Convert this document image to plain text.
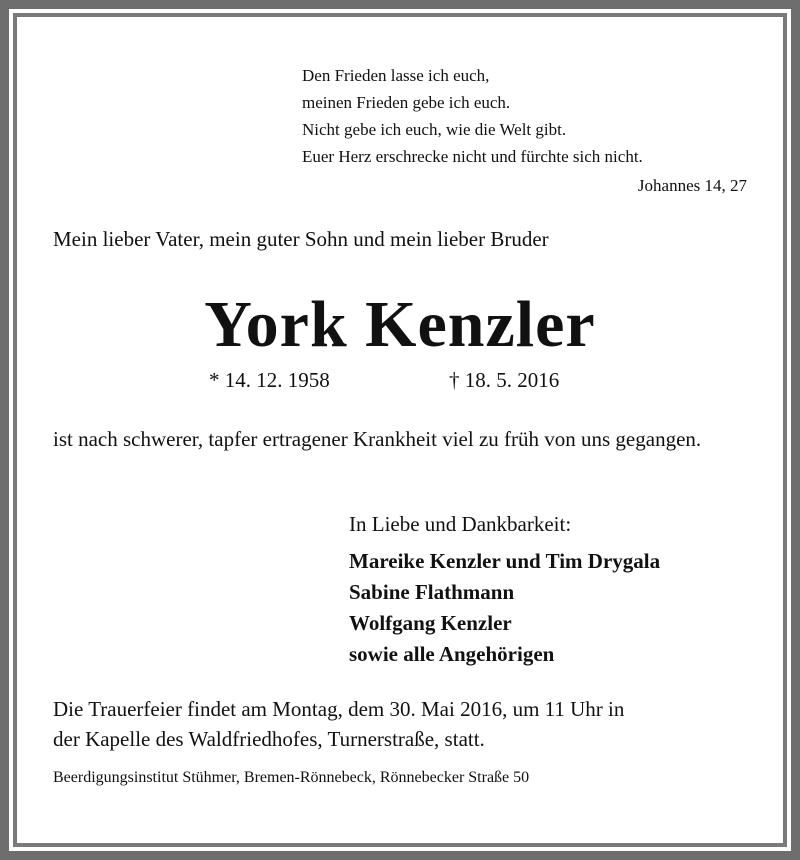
Den Frieden lasse ich euch,
meinen Frieden gebe ich euch.
Nicht gebe ich euch, wie die Welt gibt.
Euer Herz erschrecke nicht und fürchte sich nicht.
Johannes 14, 27
Mein lieber Vater, mein guter Sohn und mein lieber Bruder
York Kenzler
* 14. 12. 1958	† 18. 5. 2016
ist nach schwerer, tapfer ertragener Krankheit viel zu früh von uns gegangen.
In Liebe und Dankbarkeit:
Mareike Kenzler und Tim Drygala
Sabine Flathmann
Wolfgang Kenzler
sowie alle Angehörigen
Die Trauerfeier findet am Montag, dem 30. Mai 2016, um 11 Uhr in
der Kapelle des Waldfriedhofes, Turnerstraße, statt.
Beerdigungsinstitut Stühmer, Bremen-Rönnebeck, Rönnebecker Straße 50
